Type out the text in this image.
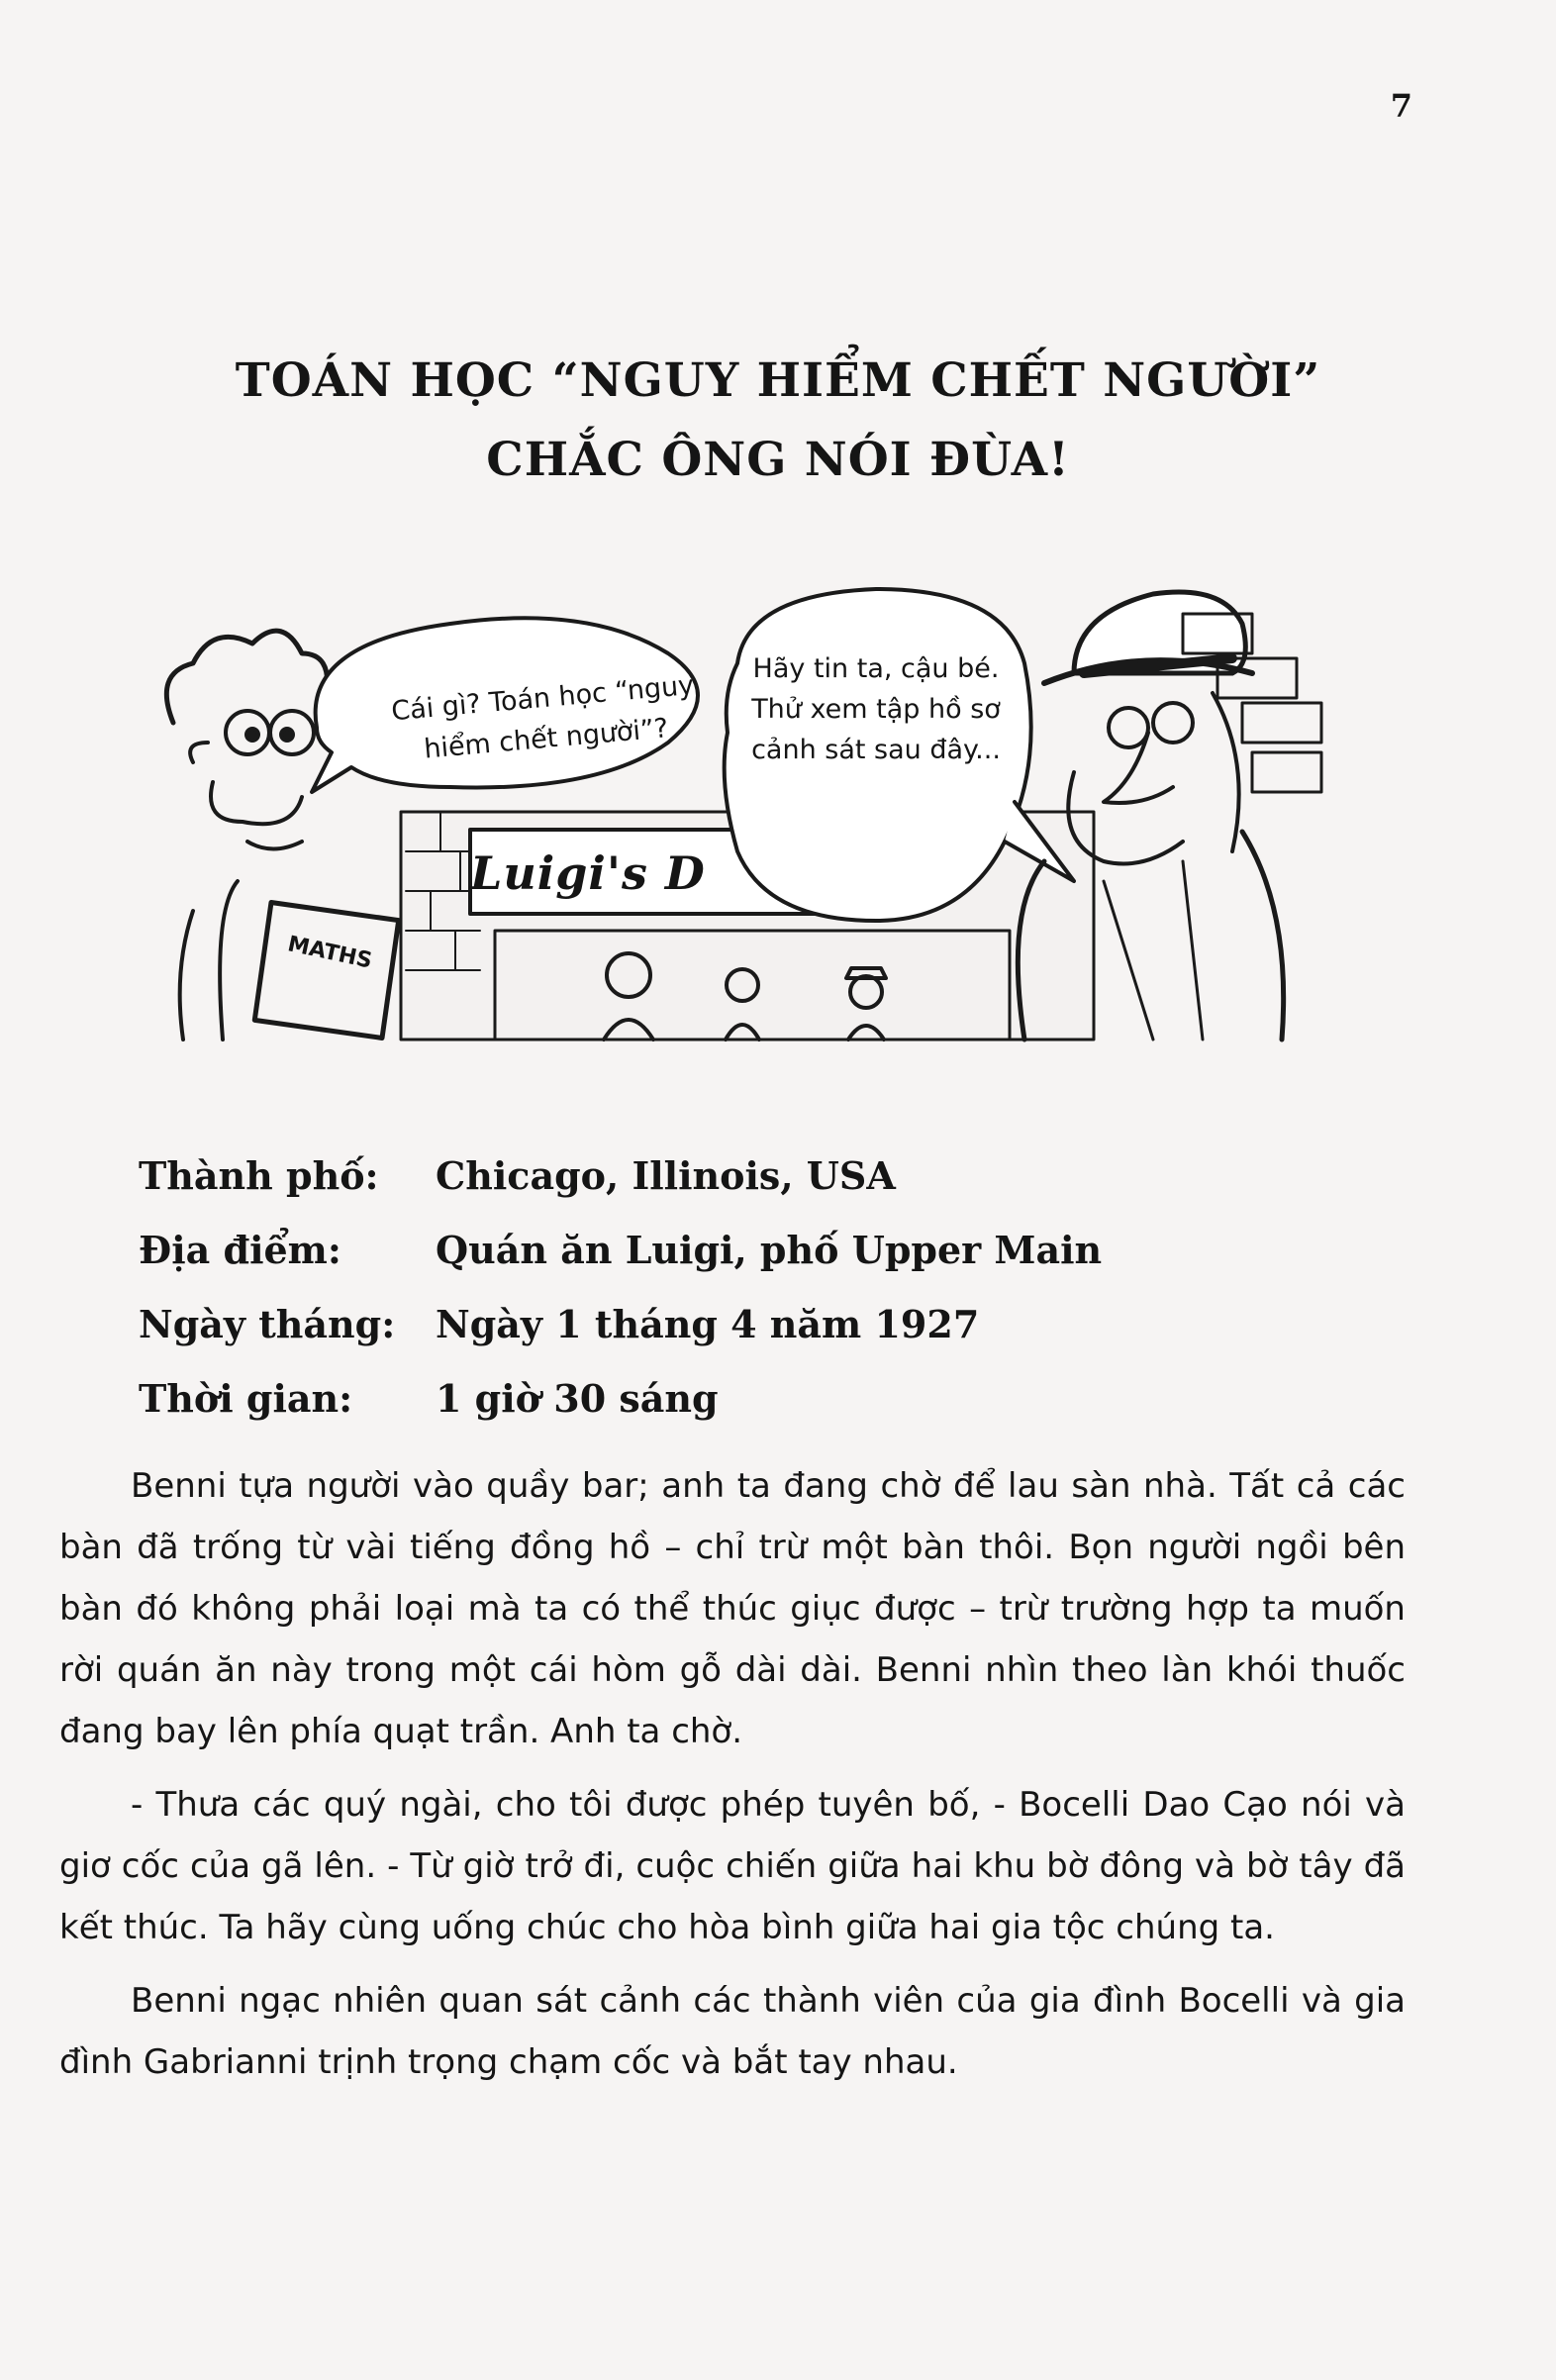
7
TOÁN HỌC “NGUY HIỂM CHẾT NGƯỜI”
CHẮC ÔNG NÓI ĐÙA!
Cái gì? Toán học “nguy hiểm chết người”?
Hãy tin ta, cậu bé. Thử xem tập hồ sơ cảnh sát sau đây...
Luigi's D
MATHS
Thành phố:	Chicago, Illinois, USA
Địa điểm:	Quán ăn Luigi, phố Upper Main
Ngày tháng:	Ngày 1 tháng 4 năm 1927
Thời gian:	1 giờ 30 sáng

Benni tựa người vào quầy bar; anh ta đang chờ để lau sàn nhà. Tất cả các bàn đã trống từ vài tiếng đồng hồ – chỉ trừ một bàn thôi. Bọn người ngồi bên bàn đó không phải loại mà ta có thể thúc giục được – trừ trường hợp ta muốn rời quán ăn này trong một cái hòm gỗ dài dài. Benni nhìn theo làn khói thuốc đang bay lên phía quạt trần. Anh ta chờ.

- Thưa các quý ngài, cho tôi được phép tuyên bố, - Bocelli Dao Cạo nói và giơ cốc của gã lên. - Từ giờ trở đi, cuộc chiến giữa hai khu bờ đông và bờ tây đã kết thúc. Ta hãy cùng uống chúc cho hòa bình giữa hai gia tộc chúng ta.

Benni ngạc nhiên quan sát cảnh các thành viên của gia đình Bocelli và gia đình Gabrianni trịnh trọng chạm cốc và bắt tay nhau.
